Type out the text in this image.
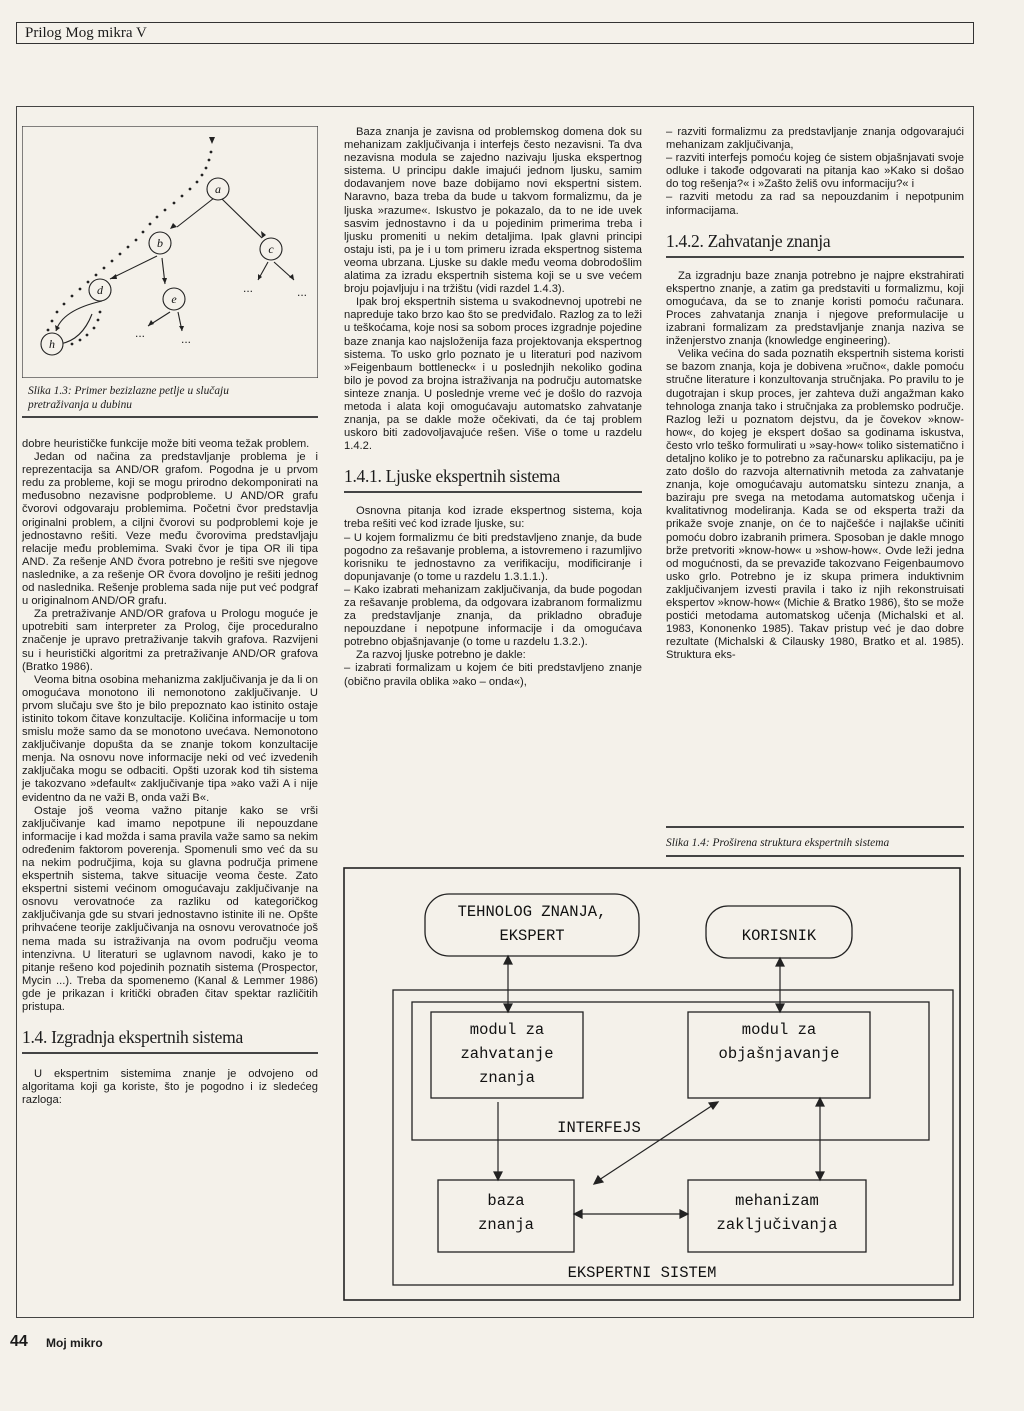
Prilog Mog mikra V
a
b	c
d
e
h
...	...
...	...
Slika 1.3: Primer bezizlazne petlje u slučaju pretraživanja u dubinu

dobre heurističke funkcije može biti veoma težak problem.

Jedan od načina za predstavljanje problema je i reprezentacija sa AND/OR grafom. Pogodna je u prvom redu za probleme, koji se mogu prirodno dekomponirati na međusobno nezavisne podprobleme. U AND/OR grafu čvorovi odgovaraju problemima. Početni čvor predstavlja originalni problem, a ciljni čvorovi su podproblemi koje je jednostavno rešiti. Veze među čvorovima predstavljaju relacije među problemima. Svaki čvor je tipa OR ili tipa AND. Za rešenje AND čvora potrebno je rešiti sve njegove naslednike, a za rešenje OR čvora dovoljno je rešiti jednog od naslednika. Rešenje problema sada nije put već podgraf u originalnom AND/OR grafu.

Za pretraživanje AND/OR grafova u Prologu moguće je upotrebiti sam interpreter za Prolog, čije proceduralno značenje je upravo pretraživanje takvih grafova. Razvijeni su i heuristički algoritmi za pretraživanje AND/OR grafova (Bratko 1986).

Veoma bitna osobina mehanizma zaključivanja je da li on omogućava monotono ili nemonotono zaključivanje. U prvom slučaju sve što je bilo prepoznato kao istinito ostaje istinito tokom čitave konzultacije. Količina informacije u tom smislu može samo da se monotono uvećava. Nemonotono zaključivanje dopušta da se znanje tokom konzultacije menja. Na osnovu nove informacije neki od već izvedenih zaključaka mogu se odbaciti. Opšti uzorak kod tih sistema je takozvano »default« zaključivanje tipa »ako važi A i nije evidentno da ne važi B, onda važi B«.

Ostaje još veoma važno pitanje kako se vrši zaključivanje kad imamo nepotpune ili nepouzdane informacije i kad možda i sama pravila važe samo sa nekim određenim faktorom poverenja. Spomenuli smo već da su na nekim područjima, koja su glavna područja primene ekspertnih sistema, takve situacije veoma česte. Zato ekspertni sistemi većinom omogućavaju zaključivanje na osnovu verovatnoće za razliku od kategoričkog zaključivanja gde su stvari jednostavno istinite ili ne. Opšte prihvaćene teorije zaključivanja na osnovu verovatnoće još nema mada su istraživanja na ovom području veoma intenzivna. U literaturi se uglavnom navodi, kako je to pitanje rešeno kod pojedinih poznatih sistema (Prospector, Mycin ...). Treba da spomenemo (Kanal & Lemmer 1986) gde je prikazan i kritički obrađen čitav spektar različitih pristupa.

1.4. Izgradnja ekspertnih sistema

U ekspertnim sistemima znanje je odvojeno od algoritama koji ga koriste, što je pogodno i iz sledećeg razloga:

Baza znanja je zavisna od problemskog domena dok su mehanizam zaključivanja i interfejs često nezavisni. Ta dva nezavisna modula se zajedno nazivaju ljuska ekspertnog sistema. U principu dakle imajući jednom ljusku, samim dodavanjem nove baze dobijamo novi ekspertni sistem. Naravno, baza treba da bude u takvom formalizmu, da je ljuska »razume«. Iskustvo je pokazalo, da to ne ide uvek sasvim jednostavno i da u pojedinim primerima treba i ljusku promeniti u nekim detaljima. Ipak glavni principi ostaju isti, pa je i u tom primeru izrada ekspertnog sistema veoma ubrzana. Ljuske su dakle među veoma dobrodošlim alatima za izradu ekspertnih sistema koji se u sve većem broju pojavljuju i na tržištu (vidi razdel 1.4.3).

Ipak broj ekspertnih sistema u svakodnevnoj upotrebi ne napreduje tako brzo kao što se predviđalo. Razlog za to leži u teškoćama, koje nosi sa sobom proces izgradnje pojedine baze znanja kao najsloženija faza projektovanja ekspertnog sistema. To usko grlo poznato je u literaturi pod nazivom »Feigenbaum bottleneck« i u poslednjih nekoliko godina bilo je povod za brojna istraživanja na području automatske sinteze znanja. U poslednje vreme već je došlo do razvoja metoda i alata koji omogućavaju automatsko zahvatanje znanja, pa se dakle može očekivati, da će taj problem uskoro biti zadovoljavajuće rešen. Više o tome u razdelu 1.4.2.

1.4.1. Ljuske ekspertnih sistema

Osnovna pitanja kod izrade ekspertnog sistema, koja treba rešiti već kod izrade ljuske, su:

– U kojem formalizmu će biti predstavljeno znanje, da bude pogodno za rešavanje problema, a istovremeno i razumljivo korisniku te jednostavno za verifikaciju, modificiranje i dopunjavanje (o tome u razdelu 1.3.1.1.).

– Kako izabrati mehanizam zaključivanja, da bude pogodan za rešavanje problema, da odgovara izabranom formalizmu za predstavljanje znanja, da prikladno obrađuje nepouzdane i nepotpune informacije i da omogućava potrebno objašnjavanje (o tome u razdelu 1.3.2.).

Za razvoj ljuske potrebno je dakle:

– izabrati formalizam u kojem će biti predstavljeno znanje (obično pravila oblika »ako – onda«),

– razviti formalizmu za predstavljanje znanja odgovarajući mehanizam zaključivanja,

– razviti interfejs pomoću kojeg će sistem objašnjavati svoje odluke i takođe odgovarati na pitanja kao »Kako si došao do tog rešenja?« i »Zašto želiš ovu informaciju?« i

– razviti metodu za rad sa nepouzdanim i nepotpunim informacijama.

1.4.2. Zahvatanje znanja

Za izgradnju baze znanja potrebno je najpre ekstrahirati ekspertno znanje, a zatim ga predstaviti u formalizmu, koji omogućava, da se to znanje koristi pomoću računara. Proces zahvatanja znanja i njegove preformulacije u izabrani formalizam za predstavljanje znanja naziva se inženjerstvo znanja (knowledge engineering).

Velika većina do sada poznatih ekspertnih sistema koristi se bazom znanja, koja je dobivena »ručno«, dakle pomoću stručne literature i konzultovanja stručnjaka. Po pravilu to je dugotrajan i skup proces, jer zahteva duži angažman kako tehnologa znanja tako i stručnjaka za problemsko područje. Razlog leži u poznatom dejstvu, da je čovekov »know-how«, do kojeg je ekspert došao sa godinama iskustva, često vrlo teško formulirati u »say-how« toliko sistematično i detaljno koliko je to potrebno za računarsku aplikaciju, pa je zato došlo do razvoja alternativnih metoda za zahvatanje znanja, koje omogućavaju automatsku sintezu znanja, a baziraju pre svega na metodama automatskog učenja i kvalitativnog modeliranja. Kada se od eksperta traži da prikaže svoje znanje, on će to najčešće i najlakše učiniti pomoću dobro izabranih primera. Sposoban je dakle mnogo brže pretvoriti »know-how« u »show-how«. Ovde leži jedna od mogućnosti, da se prevaziđe takozvano Feigenbaumovo usko grlo. Potrebno je iz skupa primera induktivnim zaključivanjem izvesti pravila i tako iz njih rekonstruisati ekspertov »know-how« (Michie & Bratko 1986), što se može postići metodama automatskog učenja (Michalski et al. 1983, Kononenko 1985). Takav pristup već je dao dobre rezultate (Michalski & Cilausky 1980, Bratko et al. 1985). Struktura eks-

Slika 1.4: Proširena struktura ekspertnih sistema
TEHNOLOG ZNANJA,
EKSPERT	KORISNIK
modul za
zahvatanje
znanja
modul za
objašnjavanje
INTERFEJS
baza
znanja
mehanizam
zaključivanja
EKSPERTNI SISTEM
44 Moj mikro
